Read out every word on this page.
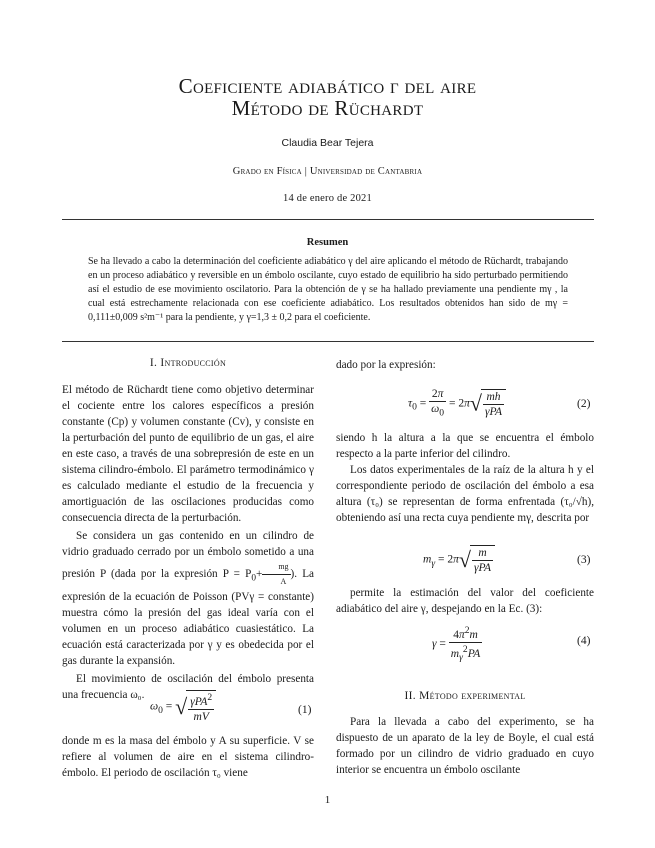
Coeficiente adiabático γ del aire
Método de Rüchardt
Claudia Bear Tejera
Grado en Física | Universidad de Cantabria
14 de enero de 2021
Resumen
Se ha llevado a cabo la determinación del coeficiente adiabático γ del aire aplicando el método de Rüchardt, trabajando en un proceso adiabático y reversible en un émbolo oscilante, cuyo estado de equilibrio ha sido perturbado permitiendo así el estudio de ese movimiento oscilatorio. Para la obtención de γ se ha hallado previamente una pendiente mγ , la cual está estrechamente relacionada con ese coeficiente adiabático. Los resultados obtenidos han sido de mγ = 0,111±0,009 s²m⁻¹ para la pendiente, y γ=1,3 ± 0,2 para el coeficiente.
I. Introducción

El método de Rüchardt tiene como objetivo determinar el cociente entre los calores específicos a presión constante (Cp) y volumen constante (Cv), y consiste en la perturbación del punto de equilibrio de un gas, el aire en este caso, a través de una sobrepresión de este en un sistema cilindro-émbolo. El parámetro termodinámico γ es calculado mediante el estudio de la frecuencia y amortiguación de las oscilaciones producidas como consecuencia directa de la perturbación.

Se considera un gas contenido en un cilindro de vidrio graduado cerrado por un émbolo sometido a una presión P (dada por la expresión $P = P_0+ \frac{mg}{A}$ ). La expresión de la ecuación de Poisson (PVγ = constante) muestra cómo la presión del gas ideal varía con el volumen en un proceso adiabático cuasiestático. La ecuación está caracterizada por γ y es obedecida por el gas durante la expansión.

El movimiento de oscilación del émbolo presenta una frecuencia ω₀.

$\omega_0$ = √ $\frac{\gamma PA^2}{mV}$	(1)
donde m es la masa del émbolo y A su superficie. V se refiere al volumen de aire en el sistema cilindro-émbolo. El periodo de oscilación τ₀ viene
dado por la expresión:
$\tau_0 = \frac{2\pi}{\omega_0} = 2\pi√ \frac{mh}{\text{γPA}}$	(2)

siendo h la altura a la que se encuentra el émbolo respecto a la parte inferior del cilindro.

Los datos experimentales de la raíz de la altura h y el correspondiente periodo de oscilación del émbolo a esa altura (τ₀) se representan de forma enfrentada (τ₀/√h), obteniendo así una recta cuya pendiente mγ, descrita por

$m_\gamma = 2\pi√ \frac{m}{\text{γPA}}$	(3)
permite la estimación del valor del coeficiente adiabático del aire γ, despejando en la Ec. (3):
$\gamma = \frac{4\pi^2m}{m_\gamma^2PA}$	(4)
II. Método experimental
Para la llevada a cabo del experimento, se ha dispuesto de un aparato de la ley de Boyle, el cual está formado por un cilindro de vidrio graduado en cuyo interior se encuentra un émbolo oscilante
1
